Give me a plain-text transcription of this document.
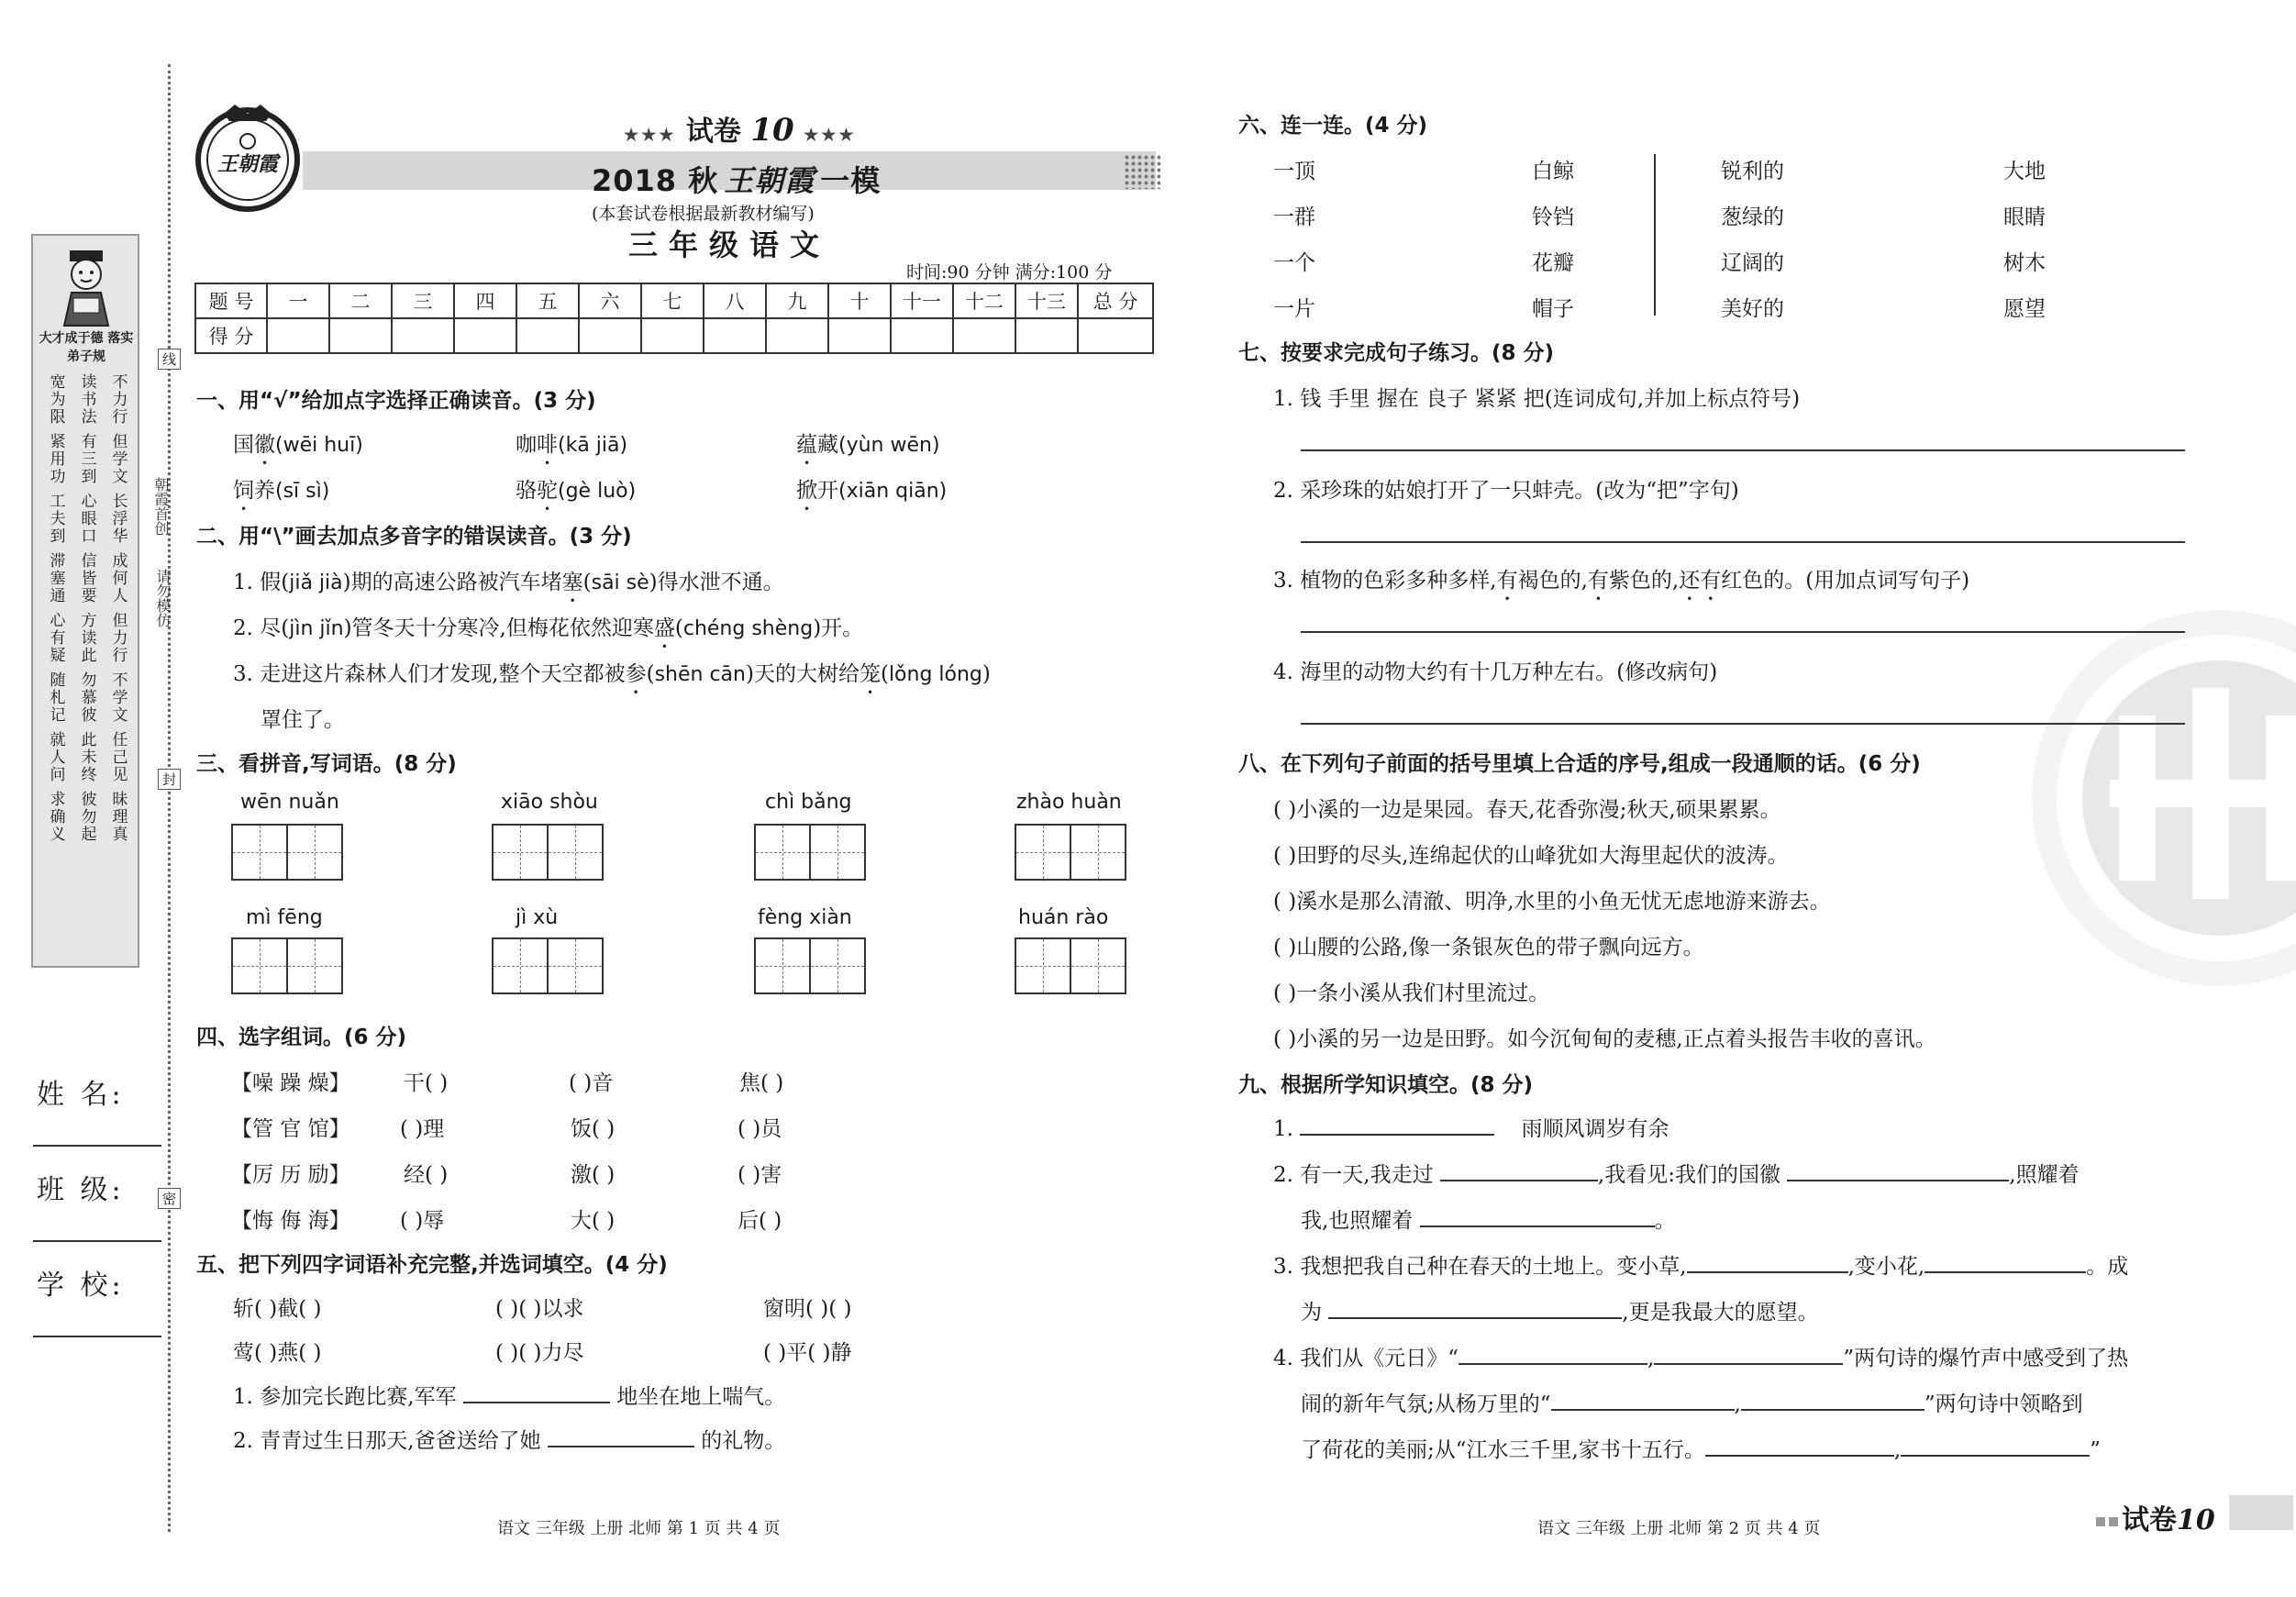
大才成于德 落实弟子规
宽为限 读书法 不力行
紧用功 有三到 但学文
工夫到 心眼口 长浮华
滞塞通 信皆要 成何人
心有疑 方读此 但力行
随札记 勿慕彼 不学文
就人问 此未终 任己见
求确义 彼勿起 昧理真
线
朝霞首创
请勿模仿
封
密
姓 名:
班 级:
学 校:
王朝霞
★★★ 试卷 10 ★★★
2018 秋 王朝霞 一模
(本套试卷根据最新教材编写)
三年级语文
时间:90 分钟 满分:100 分
题 号	一	二	三	四	五	六	七	八	九	十	十一	十二	十三	总 分
得 分														
一、用“√”给加点字选择正确读音。(3 分)
国徽(wēi huī)	咖啡(kā jiā)	蕴藏(yùn wēn)
饲养(sī sì)	骆驼(gè luò)	掀开(xiān qiān)
二、用“\”画去加点多音字的错误读音。(3 分)
1. 假(jiǎ jià)期的高速公路被汽车堵塞(sāi sè)得水泄不通。
2. 尽(jìn jǐn)管冬天十分寒冷,但梅花依然迎寒盛(chéng shèng)开。
3. 走进这片森林人们才发现,整个天空都被参(shēn cān)天的大树给笼(lǒng lóng)
罩住了。
三、看拼音,写词语。(8 分)
wēn nuǎn	xiāo shòu	chì bǎng	zhào huàn
mì fēng	jì xù	fèng xiàn	huán rào
四、选字组词。(6 分)
【噪 躁 燥】	干( )	( )音	焦( )
【管 官 馆】 ( )理	饭( )	( )员
【厉 历 励】	经( )	激( )	( )害
【悔 侮 海】 ( )辱	大( )	后( )
五、把下列四字词语补充完整,并选词填空。(4 分)
斩( )截( )	( )( )以求	窗明( )( )
莺( )燕( )	( )( )力尽	( )平( )静
1. 参加完长跑比赛,军军	地坐在地上喘气。
2. 青青过生日那天,爸爸送给了她	的礼物。
语文 三年级 上册 北师 第 1 页 共 4 页
六、连一连。(4 分)
一顶
一群
一个
一片
白鲸
铃铛
花瓣
帽子
锐利的
葱绿的
辽阔的
美好的
大地
眼睛
树木
愿望
七、按要求完成句子练习。(8 分)
1. 钱 手里 握在 良子 紧紧 把(连词成句,并加上标点符号)
2. 采珍珠的姑娘打开了一只蚌壳。(改为“把”字句)
3. 植物的色彩多种多样,有褐色的,有紫色的,还有红色的。(用加点词写句子)
4. 海里的动物大约有十几万种左右。(修改病句)
八、在下列句子前面的括号里填上合适的序号,组成一段通顺的话。(6 分)
( )小溪的一边是果园。春天,花香弥漫;秋天,硕果累累。
( )田野的尽头,连绵起伏的山峰犹如大海里起伏的波涛。
( )溪水是那么清澈、明净,水里的小鱼无忧无虑地游来游去。
( )山腰的公路,像一条银灰色的带子飘向远方。
( )一条小溪从我们村里流过。
( )小溪的另一边是田野。如今沉甸甸的麦穗,正点着头报告丰收的喜讯。
九、根据所学知识填空。(8 分)
1.	雨顺风调岁有余
2. 有一天,我走过	,我看见:我们的国徽	,照耀着
我,也照耀着	。
3. 我想把我自己种在春天的土地上。变小草,	,变小花,	。成
为	,更是我最大的愿望。
4. 我们从《元日》“	,	”两句诗的爆竹声中感受到了热
闹的新年气氛;从杨万里的“	,	”两句诗中领略到
了荷花的美丽;从“江水三千里,家书十五行。	,	”
语文 三年级 上册 北师 第 2 页 共 4 页	试卷10
